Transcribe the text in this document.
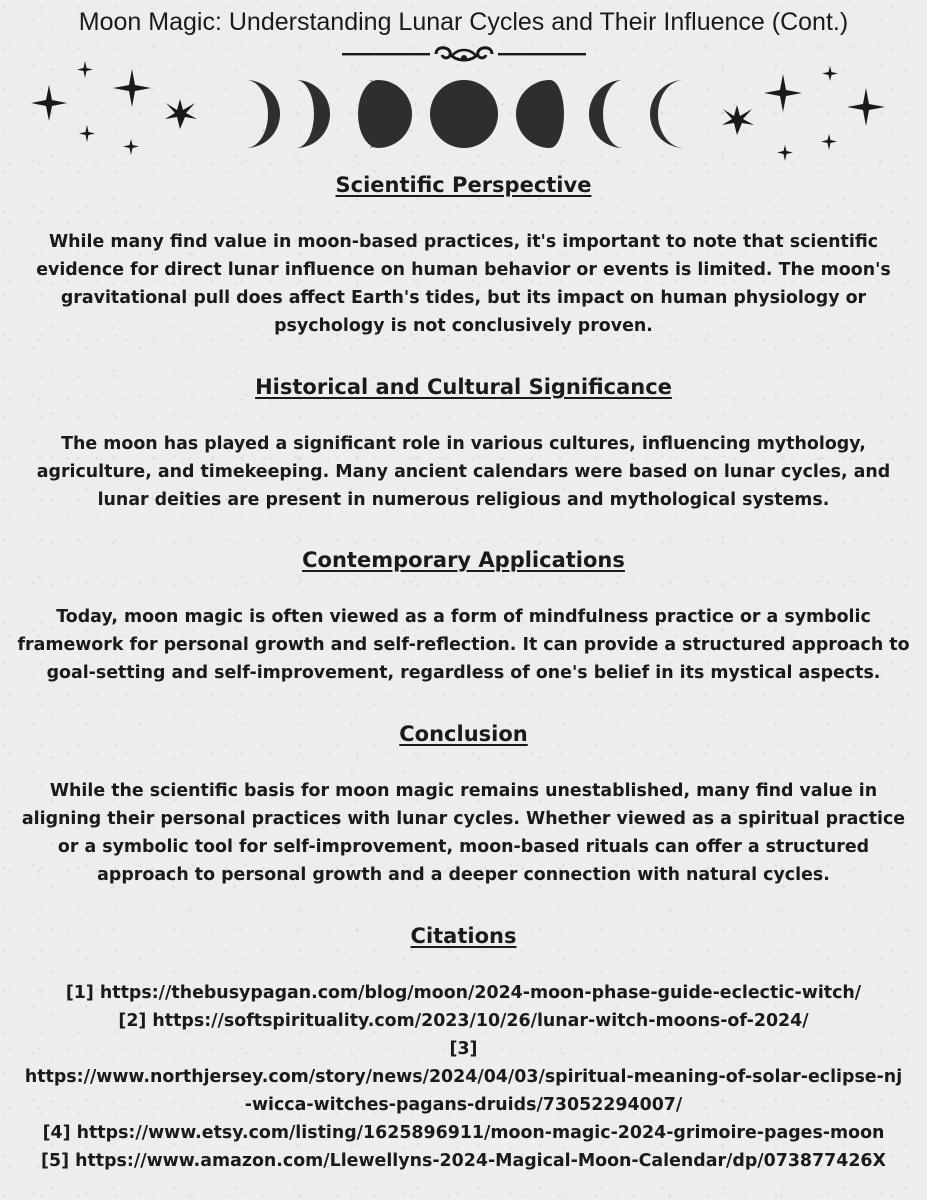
Moon Magic: Understanding Lunar Cycles and Their Influence (Cont.)
Scientific Perspective

While many find value in moon-based practices, it's important to note that scientific evidence for direct lunar influence on human behavior or events is limited. The moon's gravitational pull does affect Earth's tides, but its impact on human physiology or psychology is not conclusively proven.

Historical and Cultural Significance

The moon has played a significant role in various cultures, influencing mythology, agriculture, and timekeeping. Many ancient calendars were based on lunar cycles, and lunar deities are present in numerous religious and mythological systems.

Contemporary Applications

Today, moon magic is often viewed as a form of mindfulness practice or a symbolic framework for personal growth and self-reflection. It can provide a structured approach to goal-setting and self-improvement, regardless of one's belief in its mystical aspects.

Conclusion

While the scientific basis for moon magic remains unestablished, many find value in aligning their personal practices with lunar cycles. Whether viewed as a spiritual practice or a symbolic tool for self-improvement, moon-based rituals can offer a structured approach to personal growth and a deeper connection with natural cycles.

Citations
[1] https://thebusypagan.com/blog/moon/2024-moon-phase-guide-eclectic-witch/
[2] https://softspirituality.com/2023/10/26/lunar-witch-moons-of-2024/
[3]
https://www.northjersey.com/story/news/2024/04/03/spiritual-meaning-of-solar-eclipse-nj
-wicca-witches-pagans-druids/73052294007/
[4] https://www.etsy.com/listing/1625896911/moon-magic-2024-grimoire-pages-moon
[5] https://www.amazon.com/Llewellyns-2024-Magical-Moon-Calendar/dp/073877426X
